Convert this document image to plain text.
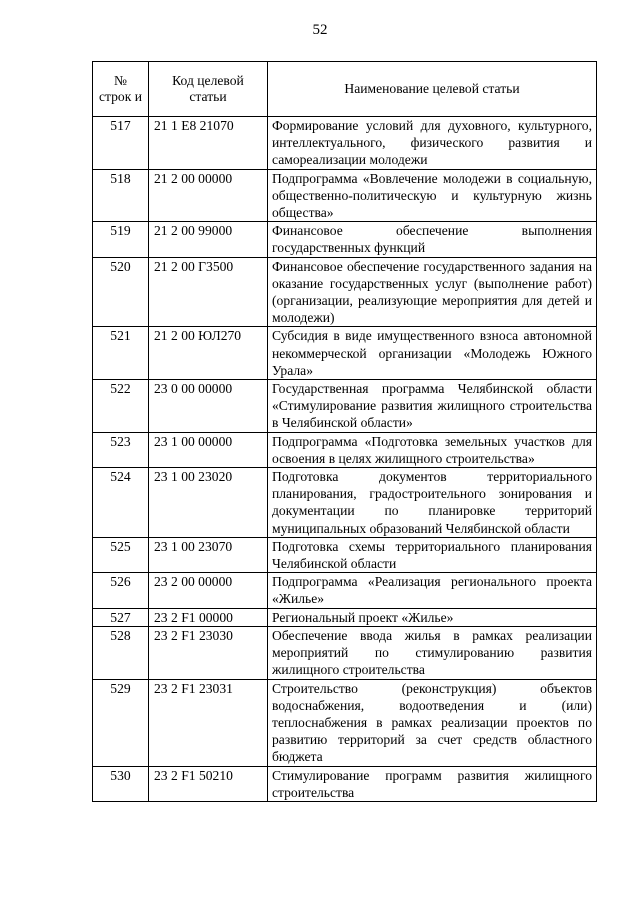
52
№ строк и	Код целевой статьи	Наименование целевой статьи
517	21 1 Е8 21070	Формирование условий для духовного, культурного, интеллектуального, физического развития и самореализации молодежи
518	21 2 00 00000	Подпрограмма «Вовлечение молодежи в социальную, общественно-политическую и культурную жизнь общества»
519	21 2 00 99000	Финансовое обеспечение выполнения государственных функций
520	21 2 00 Г3500	Финансовое обеспечение государственного задания на оказание государственных услуг (выполнение работ) (организации, реализующие мероприятия для детей и молодежи)
521	21 2 00 ЮЛ270	Субсидия в виде имущественного взноса автономной некоммерческой организации «Молодежь Южного Урала»
522	23 0 00 00000	Государственная программа Челябинской области «Стимулирование развития жилищного строительства в Челябинской области»
523	23 1 00 00000	Подпрограмма «Подготовка земельных участков для освоения в целях жилищного строительства»
524	23 1 00 23020	Подготовка документов территориального планирования, градостроительного зонирования и документации по планировке территорий муниципальных образований Челябинской области
525	23 1 00 23070	Подготовка схемы территориального планирования Челябинской области
526	23 2 00 00000	Подпрограмма «Реализация регионального проекта «Жилье»
527	23 2 F1 00000	Региональный проект «Жилье»
528	23 2 F1 23030	Обеспечение ввода жилья в рамках реализации мероприятий по стимулированию развития жилищного строительства
529	23 2 F1 23031	Строительство (реконструкция) объектов водоснабжения, водоотведения и (или) теплоснабжения в рамках реализации проектов по развитию территорий за счет средств областного бюджета
530	23 2 F1 50210	Стимулирование программ развития жилищного строительства
